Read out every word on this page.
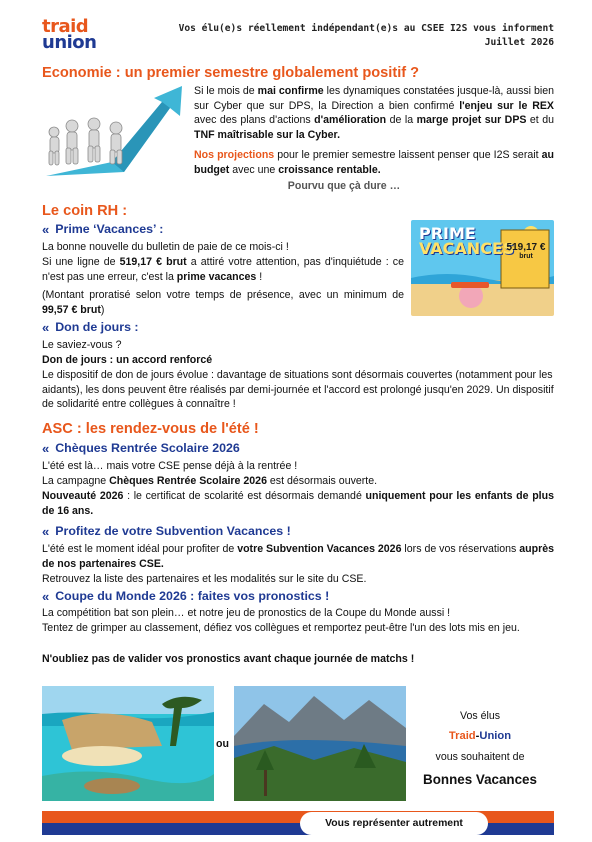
traid
union
Vos élu(e)s réellement indépendant(e)s au CSEE I2S vous informent
Juillet 2026
Economie : un premier semestre globalement positif ?
Si le mois de mai confirme les dynamiques constatées jusque-là, aussi bien sur Cyber que sur DPS, la Direction a bien confirmé l'enjeu sur le REX avec des plans d'actions d'amélioration de la marge projet sur DPS et du TNF maîtrisable sur la Cyber.
Nos projections pour le premier semestre laissent penser que I2S serait au budget avec une croissance rentable.
Pourvu que çà dure …
Le coin RH :
« Prime ‘Vacances’ :
La bonne nouvelle du bulletin de paie de ce mois-ci !
Si une ligne de 519,17 € brut a attiré votre attention, pas d'inquiétude : ce n'est pas une erreur, c'est la prime vacances !
(Montant proratisé selon votre temps de présence, avec un minimum de 99,57 € brut)
PRIME
VACANCES
519,17 €
brut
« Don de jours :
Le saviez-vous ?
Don de jours : un accord renforcé
Le dispositif de don de jours évolue : davantage de situations sont désormais couvertes (notamment pour les aidants), les dons peuvent être réalisés par demi-journée et l'accord est prolongé jusqu'en 2029. Un dispositif de solidarité entre collègues à connaître !
ASC : les rendez-vous de l'été !
« Chèques Rentrée Scolaire 2026
L'été est là… mais votre CSE pense déjà à la rentrée !
La campagne Chèques Rentrée Scolaire 2026 est désormais ouverte.
Nouveauté 2026 : le certificat de scolarité est désormais demandé uniquement pour les enfants de plus de 16 ans.
« Profitez de votre Subvention Vacances !
L'été est le moment idéal pour profiter de votre Subvention Vacances 2026 lors de vos réservations auprès de nos partenaires CSE.
Retrouvez la liste des partenaires et les modalités sur le site du CSE.
« Coupe du Monde 2026 : faites vos pronostics !
La compétition bat son plein… et notre jeu de pronostics de la Coupe du Monde aussi !
Tentez de grimper au classement, défiez vos collègues et remportez peut-être l'un des lots mis en jeu.
N'oubliez pas de valider vos pronostics avant chaque journée de matchs !
ou
Vos élus
Traid-Union
vous souhaitent de
Bonnes Vacances
Vous représenter autrement
